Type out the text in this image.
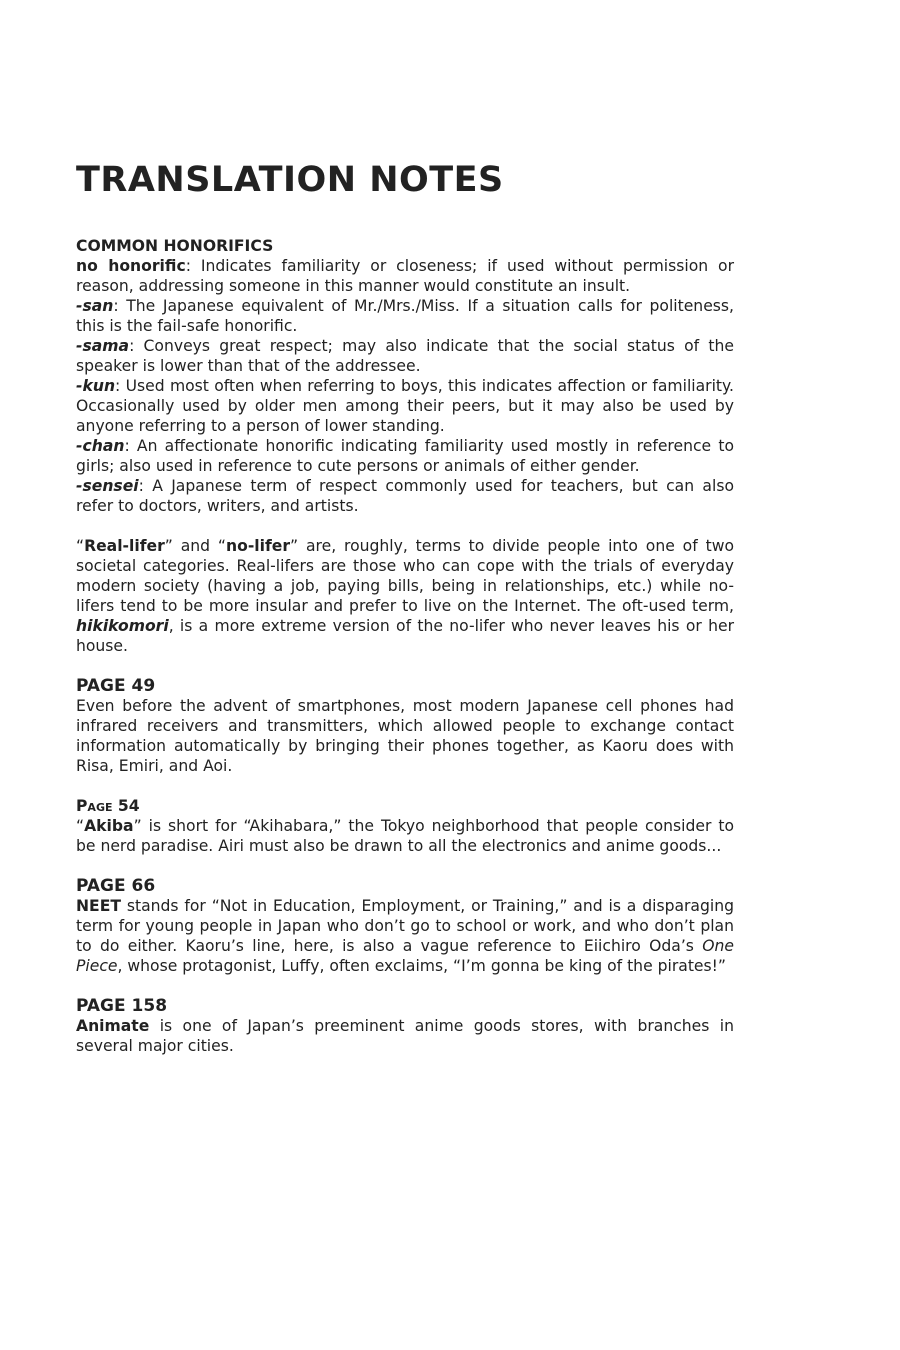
TRANSLATION NOTES

COMMON HONORIFICS

no honorific: Indicates familiarity or closeness; if used without permission or reason, addressing someone in this manner would constitute an insult.

-san: The Japanese equivalent of Mr./Mrs./Miss. If a situation calls for politeness, this is the fail-safe honorific.

-sama: Conveys great respect; may also indicate that the social status of the speaker is lower than that of the addressee.

-kun: Used most often when referring to boys, this indicates affection or familiarity. Occasionally used by older men among their peers, but it may also be used by anyone referring to a person of lower standing.

-chan: An affectionate honorific indicating familiarity used mostly in reference to girls; also used in reference to cute persons or animals of either gender.

-sensei: A Japanese term of respect commonly used for teachers, but can also refer to doctors, writers, and artists.

“Real-lifer” and “no-lifer” are, roughly, terms to divide people into one of two societal categories. Real-lifers are those who can cope with the trials of everyday modern society (having a job, paying bills, being in relationships, etc.) while no-lifers tend to be more insular and prefer to live on the Internet. The oft-used term, hikikomori, is a more extreme version of the no-lifer who never leaves his or her house.

PAGE 49

Even before the advent of smartphones, most modern Japanese cell phones had infrared receivers and transmitters, which allowed people to exchange contact information automatically by bringing their phones together, as Kaoru does with Risa, Emiri, and Aoi.

Page 54

“Akiba” is short for “Akihabara,” the Tokyo neighborhood that people consider to be nerd paradise. Airi must also be drawn to all the electronics and anime goods...

PAGE 66

NEET stands for “Not in Education, Employment, or Training,” and is a disparaging term for young people in Japan who don’t go to school or work, and who don’t plan to do either. Kaoru’s line, here, is also a vague reference to Eiichiro Oda’s One Piece, whose protagonist, Luffy, often exclaims, “I’m gonna be king of the pirates!”

PAGE 158

Animate is one of Japan’s preeminent anime goods stores, with branches in several major cities.
